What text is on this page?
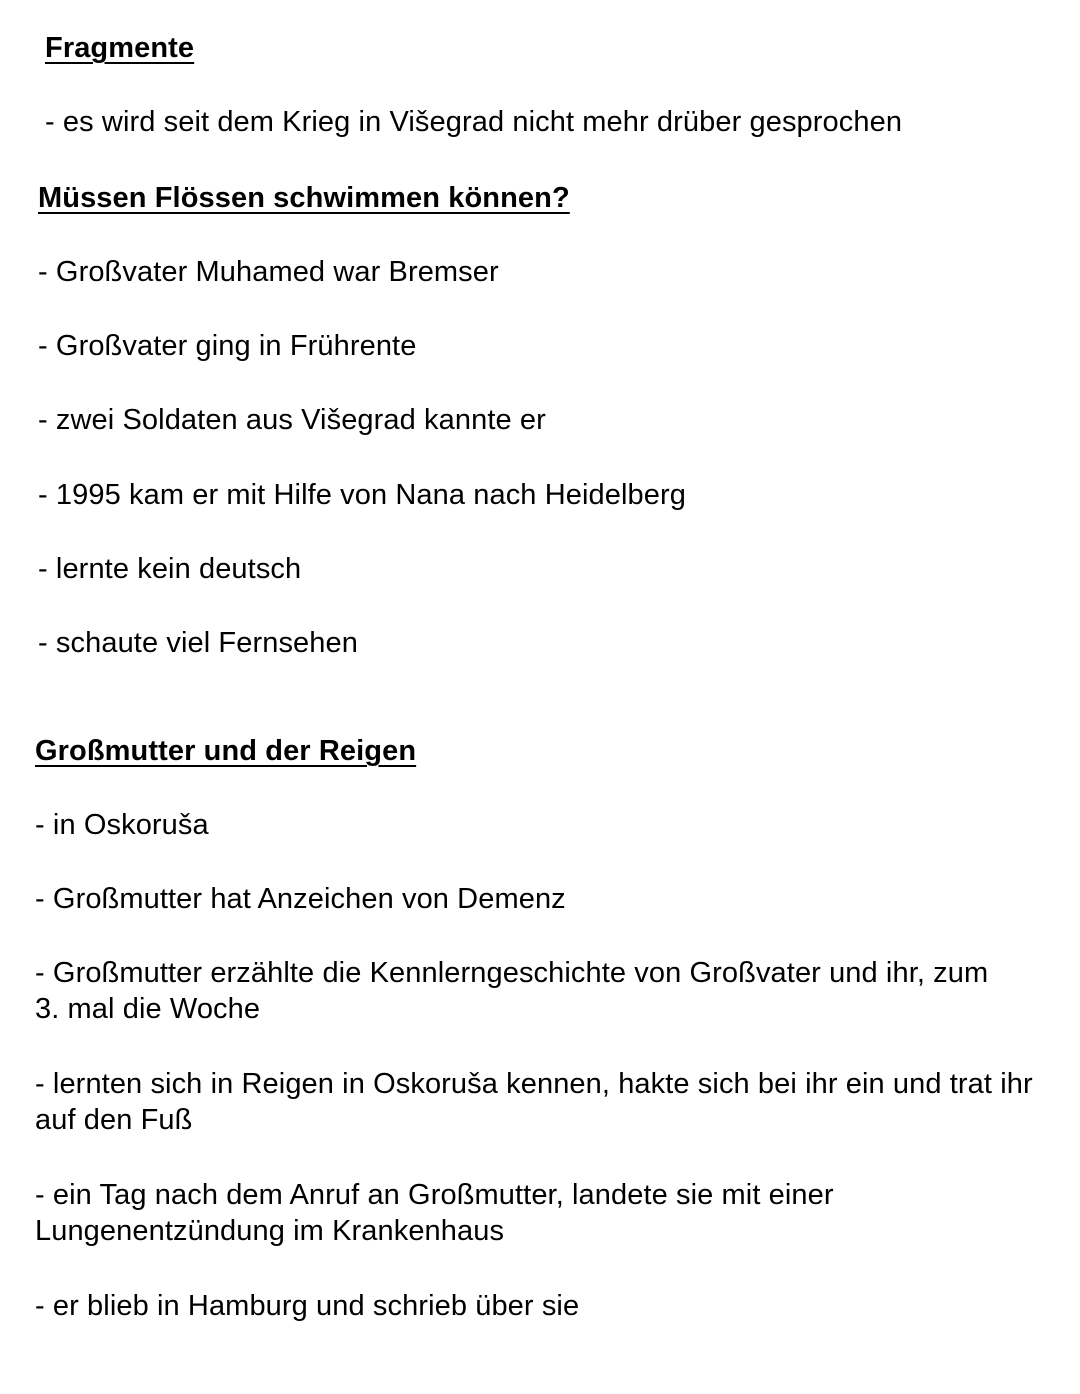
Fragmente

- es wird seit dem Krieg in Višegrad nicht mehr drüber gesprochen

Müssen Flössen schwimmen können?

- Großvater Muhamed war Bremser

- Großvater ging in Frührente

- zwei Soldaten aus Višegrad kannte er

- 1995 kam er mit Hilfe von Nana nach Heidelberg

- lernte kein deutsch

- schaute viel Fernsehen

Großmutter und der Reigen

- in Oskoruša

- Großmutter hat Anzeichen von Demenz

- Großmutter erzählte die Kennlerngeschichte von Großvater und ihr, zum 3. mal die Woche

- lernten sich in Reigen in Oskoruša kennen, hakte sich bei ihr ein und trat ihr auf den Fuß

- ein Tag nach dem Anruf an Großmutter, landete sie mit einer Lungenentzündung im Krankenhaus

- er blieb in Hamburg und schrieb über sie
